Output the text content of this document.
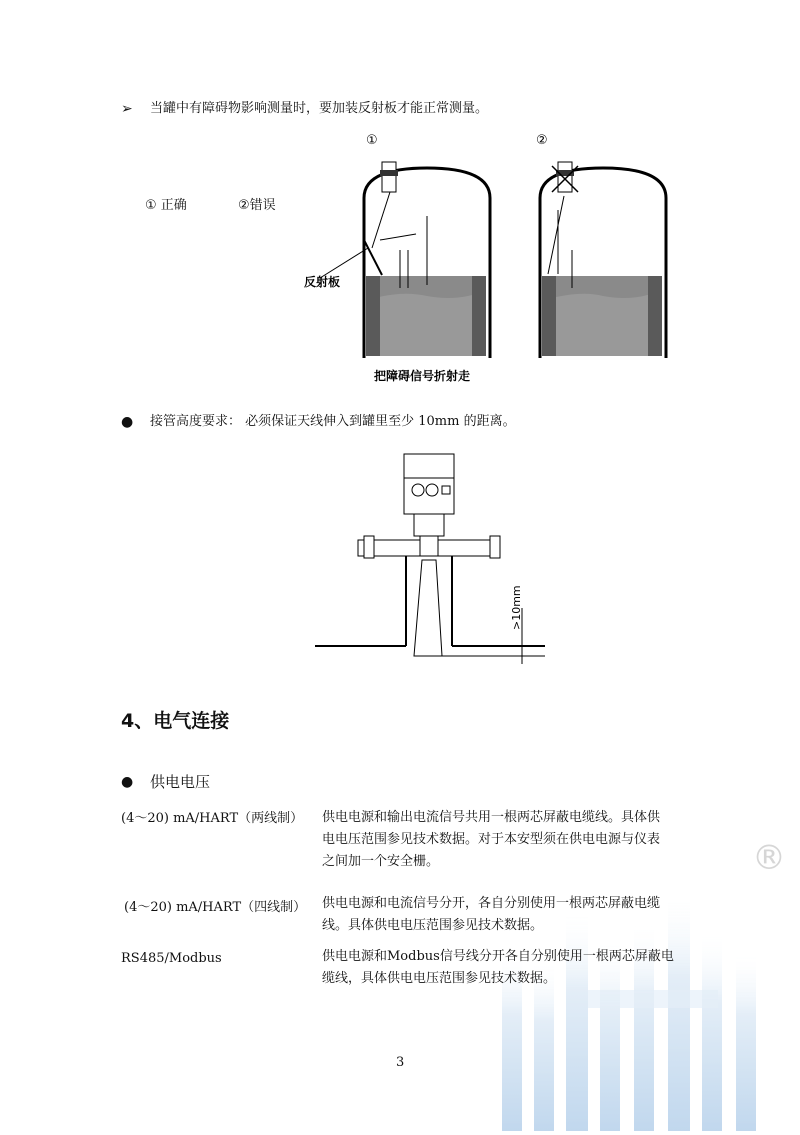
®
➢ 当罐中有障碍物影响测量时，要加装反射板才能正常测量。
① 正确	②错误
①
反射板
把障碍信号折射走
②
● 接管高度要求： 必须保证天线伸入到罐里至少 10mm 的距离。
>10mm
4、电气连接
● 供电电压
(4～20) mA/HART（两线制） 供电电源和输出电流信号共用一根两芯屏蔽电缆线。具体供
电电压范围参见技术数据。对于本安型须在供电电源与仪表
之间加一个安全栅。
(4～20) mA/HART（四线制） 供电电源和电流信号分开，各自分别使用一根两芯屏蔽电缆
线。具体供电电压范围参见技术数据。
RS485/Modbus	供电电源和Modbus信号线分开各自分别使用一根两芯屏蔽电
缆线，具体供电电压范围参见技术数据。
3
